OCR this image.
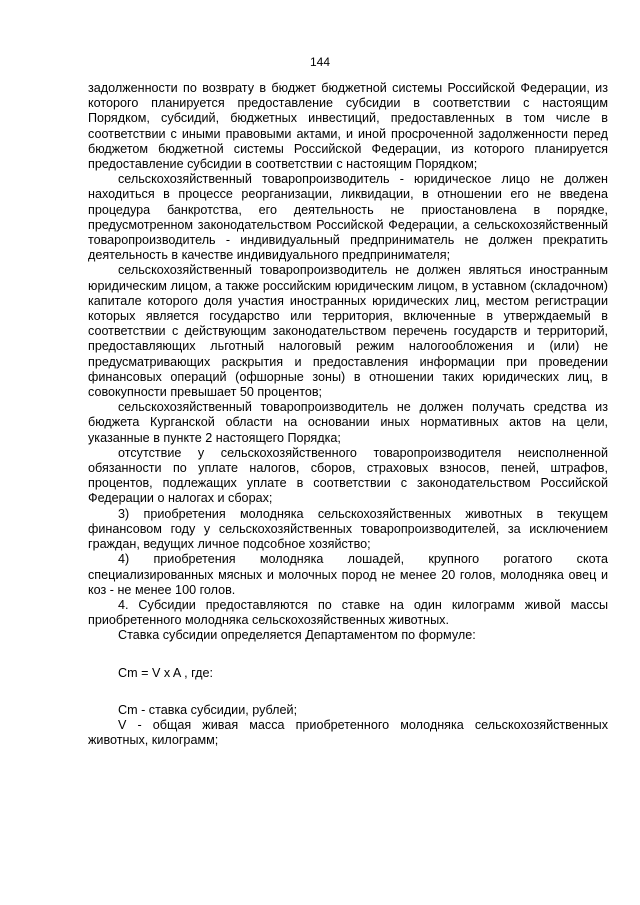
144

задолженности по возврату в бюджет бюджетной системы Российской Федерации, из которого планируется предоставление субсидии в соответствии с настоящим Порядком, субсидий, бюджетных инвестиций, предоставленных в том числе в соответствии с иными правовыми актами, и иной просроченной задолженности перед бюджетом бюджетной системы Российской Федерации, из которого планируется предоставление субсидии в соответствии с настоящим Порядком;

сельскохозяйственный товаропроизводитель - юридическое лицо не должен находиться в процессе реорганизации, ликвидации, в отношении его не введена процедура банкротства, его деятельность не приостановлена в порядке, предусмотренном законодательством Российской Федерации, а сельскохозяйственный товаропроизводитель - индивидуальный предприниматель не должен прекратить деятельность в качестве индивидуального предпринимателя;

сельскохозяйственный товаропроизводитель не должен являться иностранным юридическим лицом, а также российским юридическим лицом, в уставном (складочном) капитале которого доля участия иностранных юридических лиц, местом регистрации которых является государство или территория, включенные в утверждаемый в соответствии с действующим законодательством перечень государств и территорий, предоставляющих льготный налоговый режим налогообложения и (или) не предусматривающих раскрытия и предоставления информации при проведении финансовых операций (офшорные зоны) в отношении таких юридических лиц, в совокупности превышает 50 процентов;

сельскохозяйственный товаропроизводитель не должен получать средства из бюджета Курганской области на основании иных нормативных актов на цели, указанные в пункте 2 настоящего Порядка;

отсутствие у сельскохозяйственного товаропроизводителя неисполненной обязанности по уплате налогов, сборов, страховых взносов, пеней, штрафов, процентов, подлежащих уплате в соответствии с законодательством Российской Федерации о налогах и сборах;

3) приобретения молодняка сельскохозяйственных животных в текущем финансовом году у сельскохозяйственных товаропроизводителей, за исключением граждан, ведущих личное подсобное хозяйство;

4) приобретения молодняка лошадей, крупного рогатого скота специализированных мясных и молочных пород не менее 20 голов, молодняка овец и коз - не менее 100 голов.

4. Субсидии предоставляются по ставке на один килограмм живой массы приобретенного молодняка сельскохозяйственных животных.

Ставка субсидии определяется Департаментом по формуле:

Cm = V x A , где:

Cm - ставка субсидии, рублей;

V - общая живая масса приобретенного молодняка сельскохозяйственных животных, килограмм;
